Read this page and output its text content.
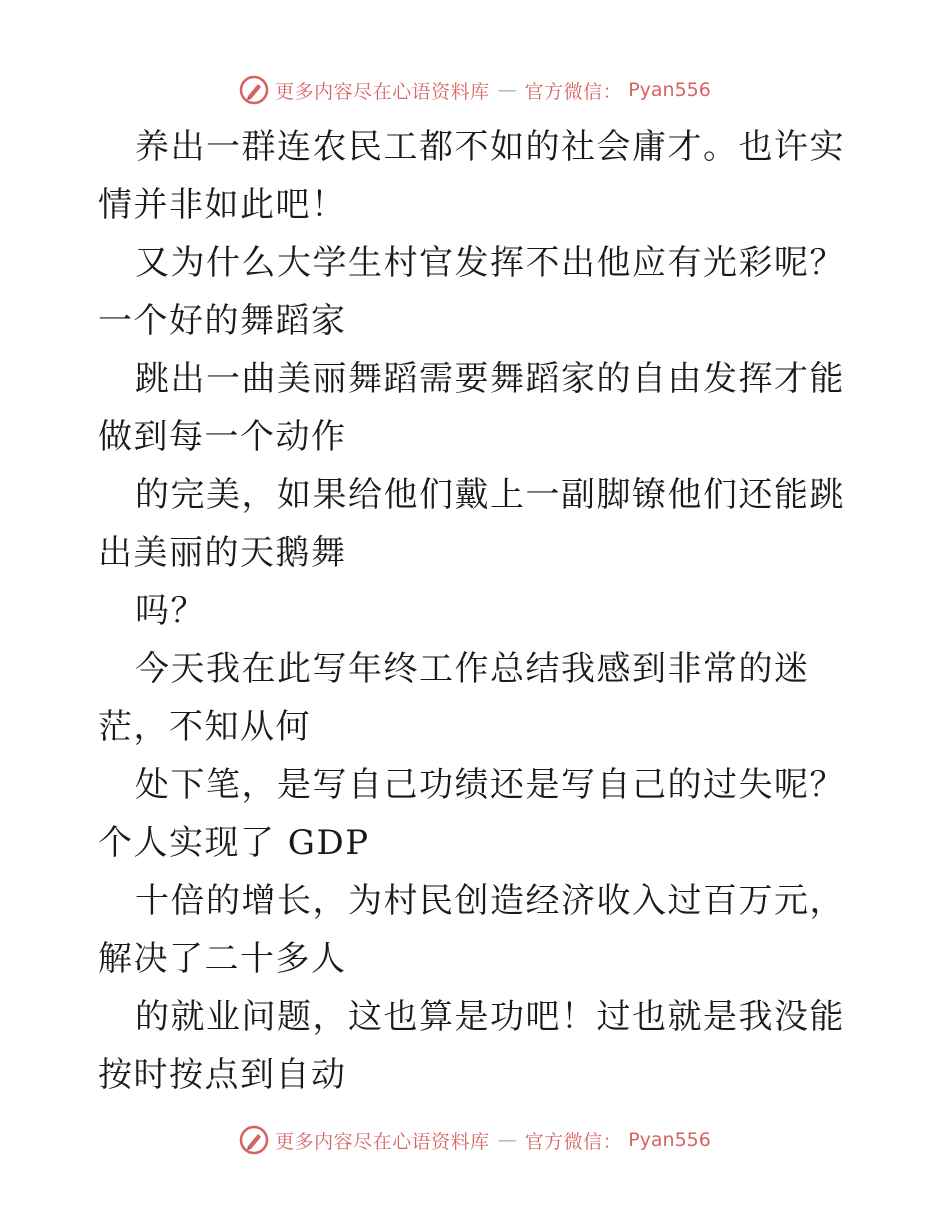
更多内容尽在心语资料库 — 官方微信： Pyan556

养出一群连农民工都不如的社会庸才。也许实情并非如此吧！

又为什么大学生村官发挥不出他应有光彩呢？一个好的舞蹈家

跳出一曲美丽舞蹈需要舞蹈家的自由发挥才能做到每一个动作

的完美，如果给他们戴上一副脚镣他们还能跳出美丽的天鹅舞

吗？

今天我在此写年终工作总结我感到非常的迷茫，不知从何

处下笔，是写自己功绩还是写自己的过失呢？个人实现了 GDP

十倍的增长，为村民创造经济收入过百万元，解决了二十多人

的就业问题，这也算是功吧！过也就是我没能按时按点到自动

更多内容尽在心语资料库 — 官方微信： Pyan556
